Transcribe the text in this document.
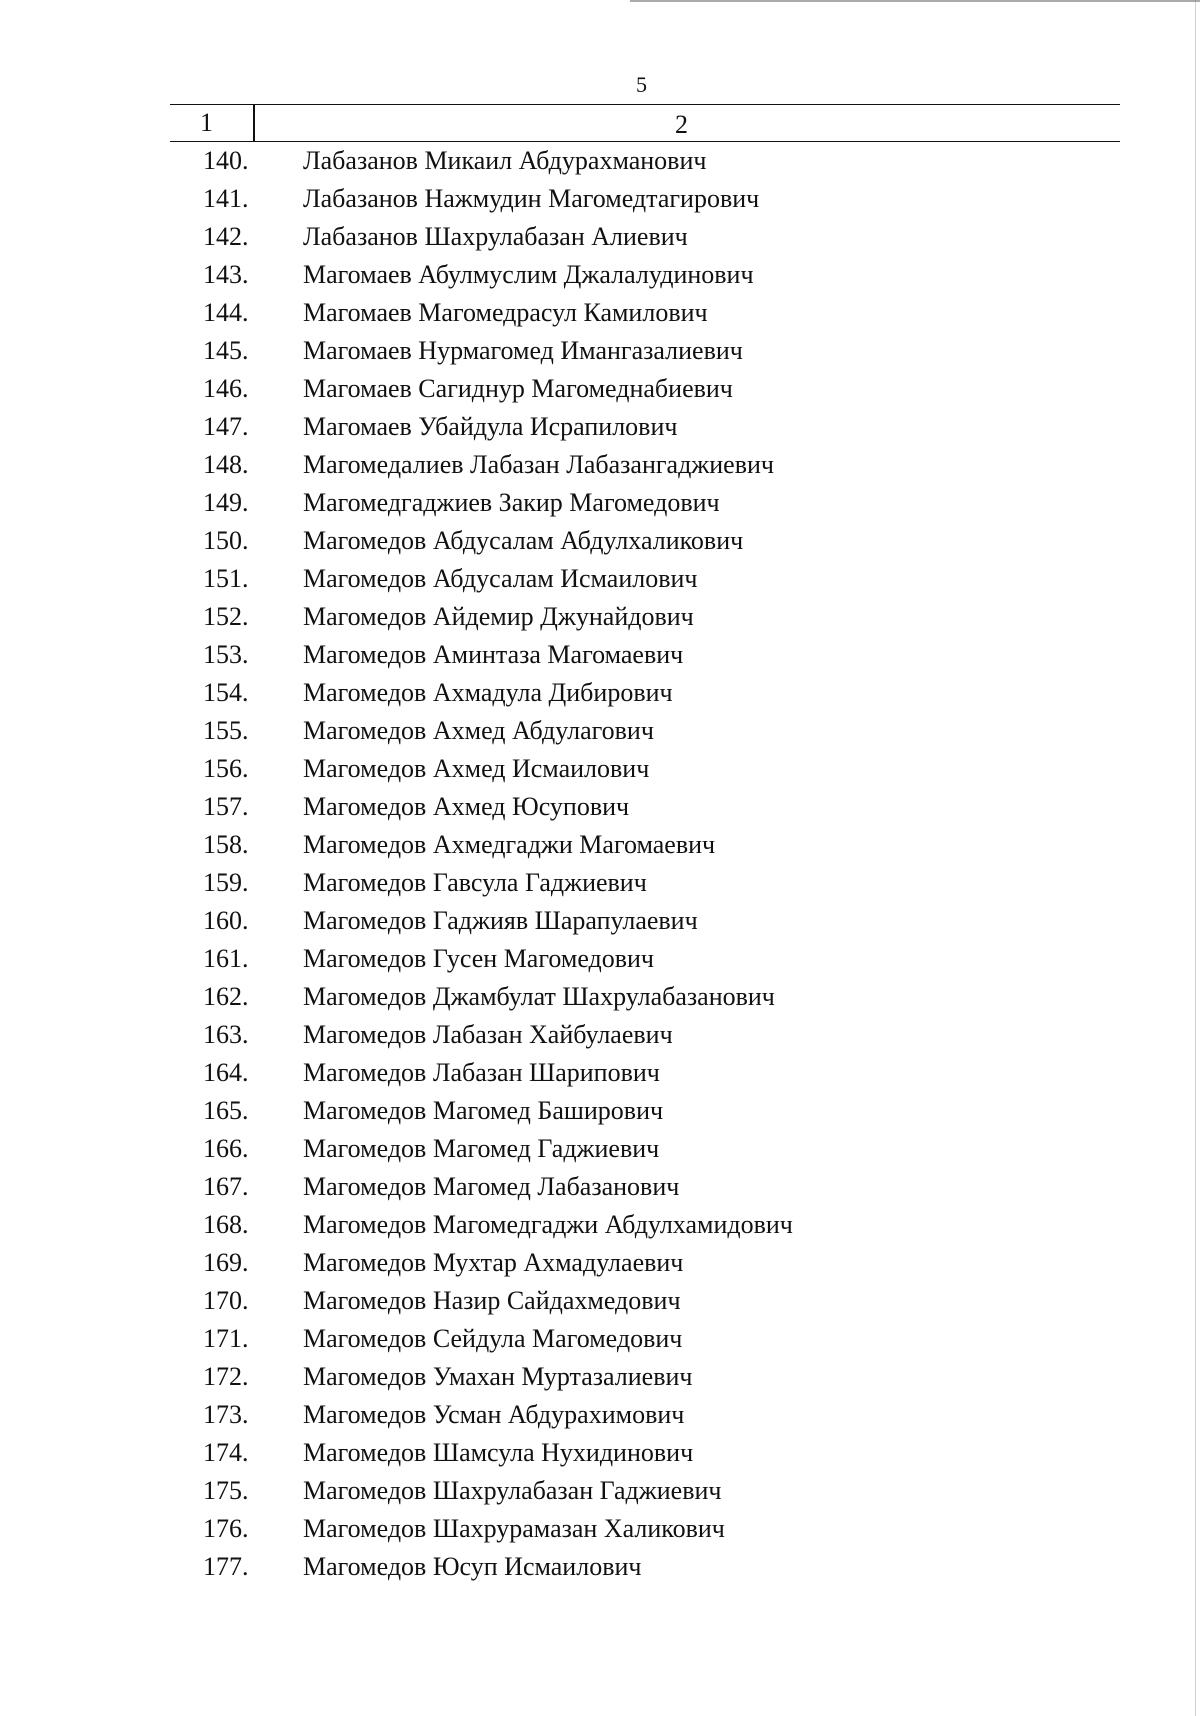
5
1	2
140. Лабазанов Микаил Абдурахманович
141. Лабазанов Нажмудин Магомедтагирович
142. Лабазанов Шахрулабазан Алиевич
143. Магомаев Абулмуслим Джалалудинович
144. Магомаев Магомедрасул Камилович
145. Магомаев Нурмагомед Имангазалиевич
146. Магомаев Сагиднур Магомеднабиевич
147. Магомаев Убайдула Исрапилович
148. Магомедалиев Лабазан Лабазангаджиевич
149. Магомедгаджиев Закир Магомедович
150. Магомедов Абдусалам Абдулхаликович
151. Магомедов Абдусалам Исмаилович
152. Магомедов Айдемир Джунайдович
153. Магомедов Аминтаза Магомаевич
154. Магомедов Ахмадула Дибирович
155. Магомедов Ахмед Абдулагович
156. Магомедов Ахмед Исмаилович
157. Магомедов Ахмед Юсупович
158. Магомедов Ахмедгаджи Магомаевич
159. Магомедов Гавсула Гаджиевич
160. Магомедов Гаджияв Шарапулаевич
161. Магомедов Гусен Магомедович
162. Магомедов Джамбулат Шахрулабазанович
163. Магомедов Лабазан Хайбулаевич
164. Магомедов Лабазан Шарипович
165. Магомедов Магомед Баширович
166. Магомедов Магомед Гаджиевич
167. Магомедов Магомед Лабазанович
168. Магомедов Магомедгаджи Абдулхамидович
169. Магомедов Мухтар Ахмадулаевич
170. Магомедов Назир Сайдахмедович
171. Магомедов Сейдула Магомедович
172. Магомедов Умахан Муртазалиевич
173. Магомедов Усман Абдурахимович
174. Магомедов Шамсула Нухидинович
175. Магомедов Шахрулабазан Гаджиевич
176. Магомедов Шахрурамазан Халикович
177. Магомедов Юсуп Исмаилович
